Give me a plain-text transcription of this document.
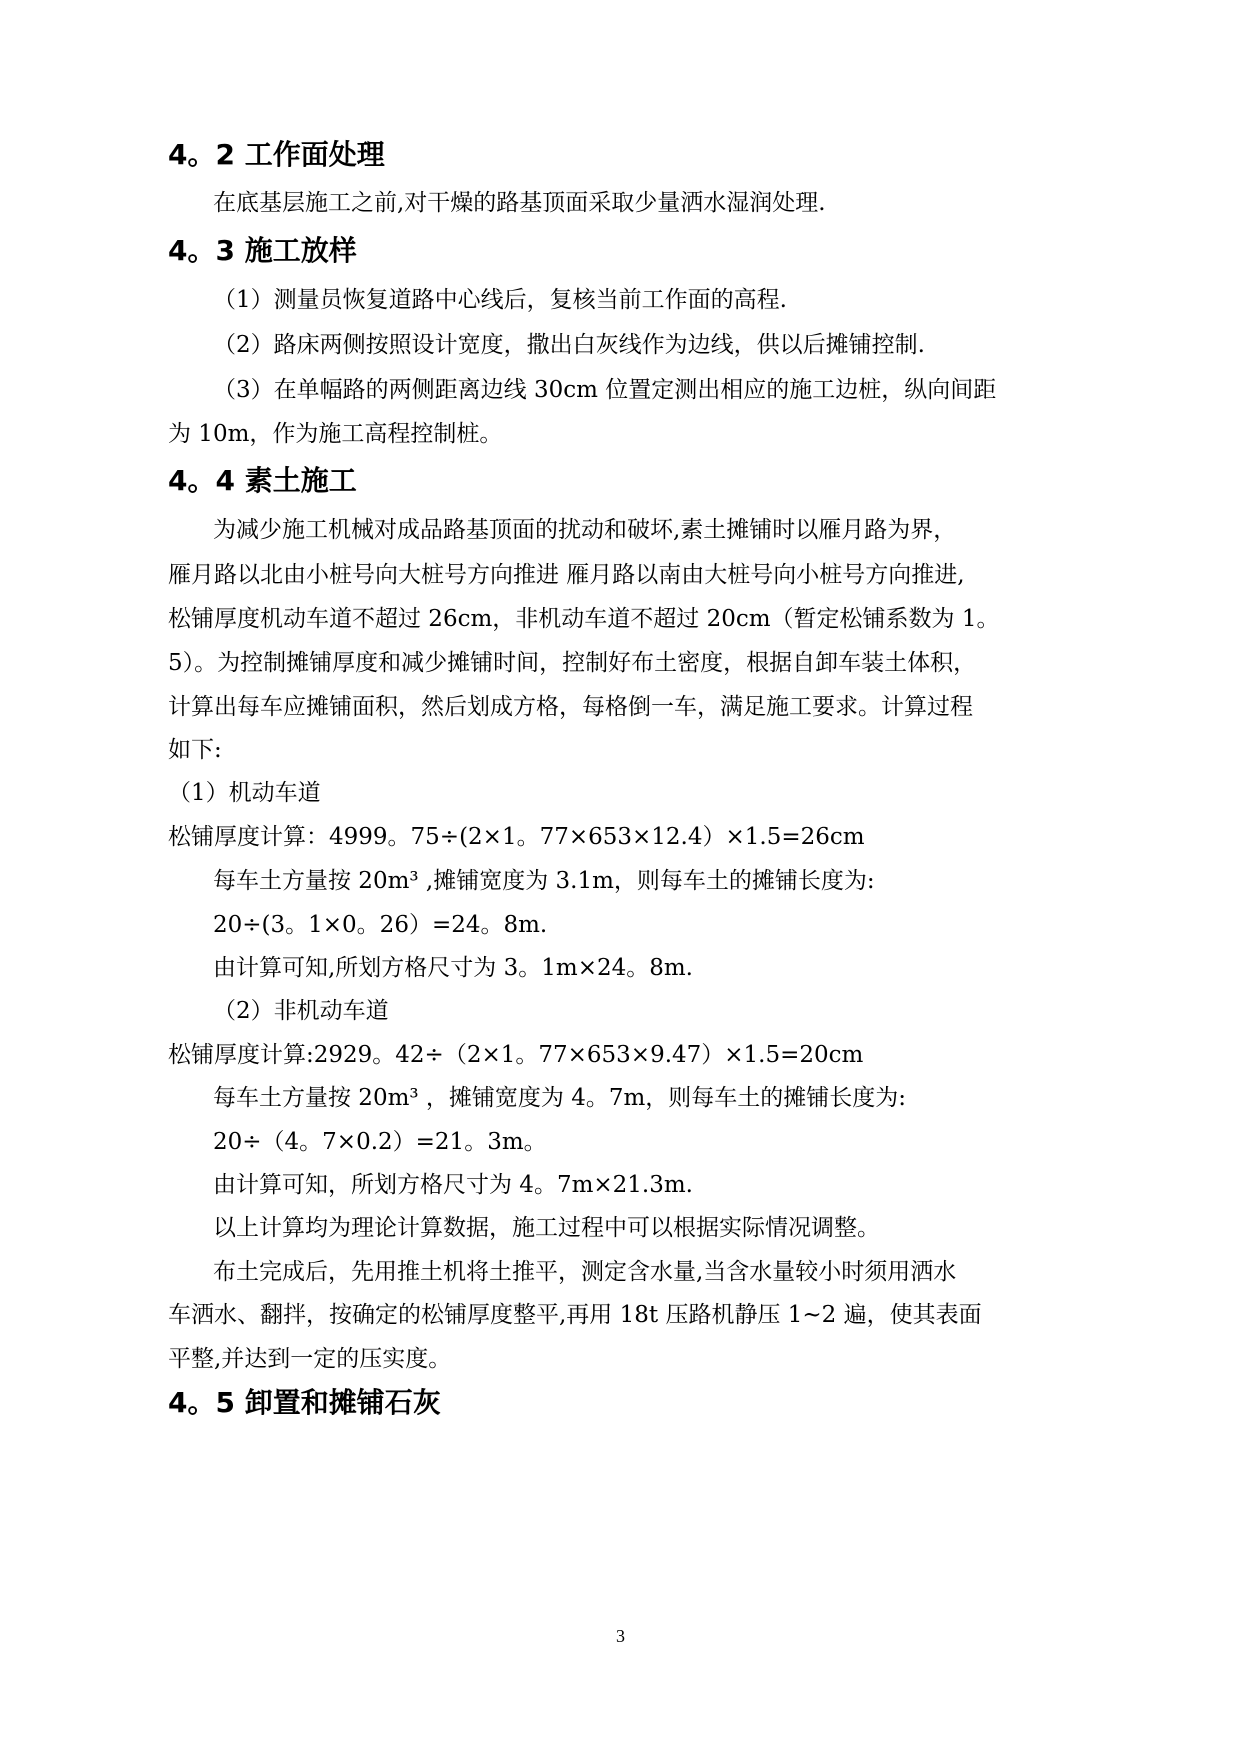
4。2 工作面处理
在底基层施工之前,对干燥的路基顶面采取少量洒水湿润处理.
4。3 施工放样
（1）测量员恢复道路中心线后，复核当前工作面的高程.
（2）路床两侧按照设计宽度，撒出白灰线作为边线，供以后摊铺控制.
（3）在单幅路的两侧距离边线 30cm 位置定测出相应的施工边桩，纵向间距
为 10m，作为施工高程控制桩。
4。4 素土施工
为减少施工机械对成品路基顶面的扰动和破坏,素土摊铺时以雁月路为界，
雁月路以北由小桩号向大桩号方向推进 雁月路以南由大桩号向小桩号方向推进,
松铺厚度机动车道不超过 26cm，非机动车道不超过 20cm（暂定松铺系数为 1。
5）。为控制摊铺厚度和减少摊铺时间，控制好布土密度，根据自卸车装土体积，
计算出每车应摊铺面积，然后划成方格，每格倒一车，满足施工要求。计算过程
如下:
（1）机动车道
松铺厚度计算：4999。75÷(2×1。77×653×12.4）×1.5=26cm
每车土方量按 20m³ ,摊铺宽度为 3.1m，则每车土的摊铺长度为:
20÷(3。1×0。26）=24。8m.
由计算可知,所划方格尺寸为 3。1m×24。8m.
（2）非机动车道
松铺厚度计算:2929。42÷（2×1。77×653×9.47）×1.5=20cm
每车土方量按 20m³ ，摊铺宽度为 4。7m，则每车土的摊铺长度为:
20÷（4。7×0.2）=21。3m。
由计算可知，所划方格尺寸为 4。7m×21.3m.
以上计算均为理论计算数据，施工过程中可以根据实际情况调整。
布土完成后，先用推土机将土推平，测定含水量,当含水量较小时须用洒水
车洒水、翻拌，按确定的松铺厚度整平,再用 18t 压路机静压 1~2 遍，使其表面
平整,并达到一定的压实度。
4。5 卸置和摊铺石灰
3
